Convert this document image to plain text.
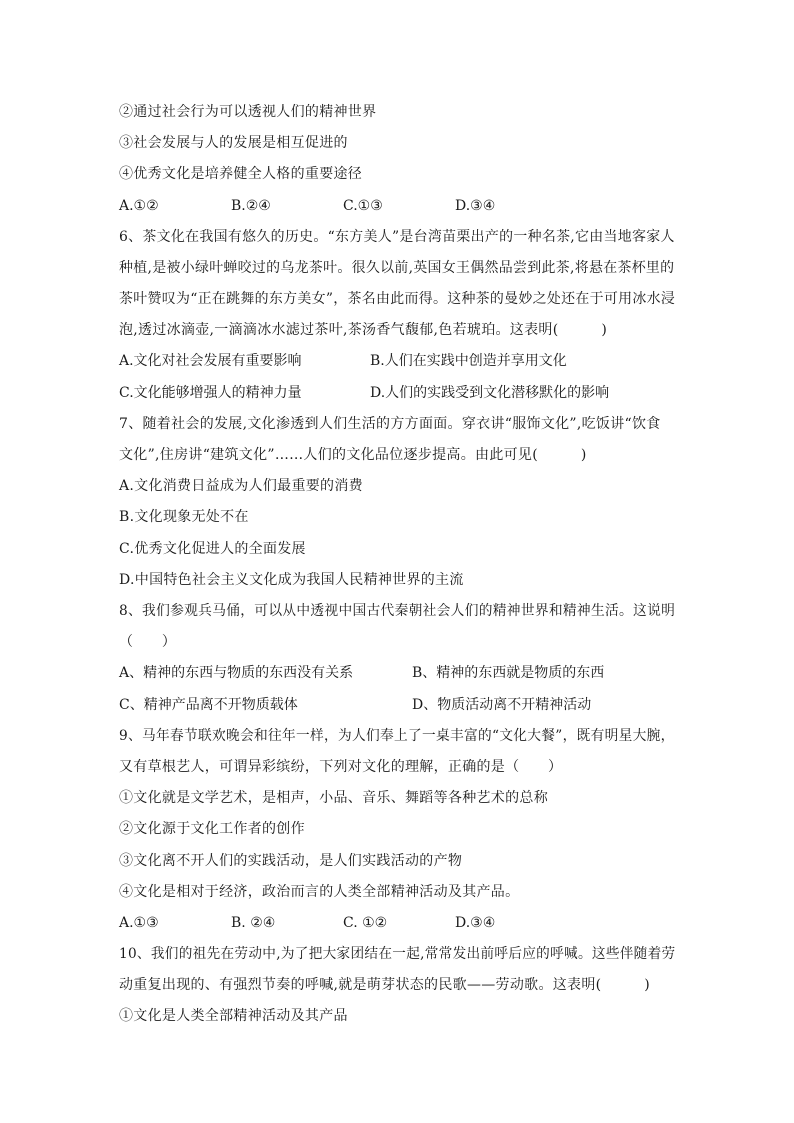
②通过社会行为可以透视人们的精神世界
③社会发展与人的发展是相互促进的
④优秀文化是培养健全人格的重要途径
A.①②	B.②④	C.①③	D.③④
6、茶文化在我国有悠久的历史。“东方美人”是台湾苗栗出产的一种名茶,它由当地客家人
种植,是被小绿叶蝉咬过的乌龙茶叶。很久以前,英国女王偶然品尝到此茶,将悬在茶杯里的
茶叶赞叹为“正在跳舞的东方美女”，茶名由此而得。这种茶的曼妙之处还在于可用冰水浸
泡,透过冰滴壶,一滴滴冰水滤过茶叶,茶汤香气馥郁,色若琥珀。这表明(　　　)
A.文化对社会发展有重要影响	B.人们在实践中创造并享用文化
C.文化能够增强人的精神力量	D.人们的实践受到文化潜移默化的影响
7、随着社会的发展,文化渗透到人们生活的方方面面。穿衣讲“服饰文化”,吃饭讲“饮食
文化”,住房讲“建筑文化”……人们的文化品位逐步提高。由此可见(　　　)
A.文化消费日益成为人们最重要的消费
B.文化现象无处不在
C.优秀文化促进人的全面发展
D.中国特色社会主义文化成为我国人民精神世界的主流
8、我们参观兵马俑，可以从中透视中国古代秦朝社会人们的精神世界和精神生活。这说明
（　　）
A、精神的东西与物质的东西没有关系	B、精神的东西就是物质的东西
C、精神产品离不开物质载体	D、物质活动离不开精神活动
9、马年春节联欢晚会和往年一样，为人们奉上了一桌丰富的“文化大餐”，既有明星大腕，
又有草根艺人，可谓异彩缤纷，下列对文化的理解，正确的是（　　）
①文化就是文学艺术，是相声，小品、音乐、舞蹈等各种艺术的总称
②文化源于文化工作者的创作
③文化离不开人们的实践活动，是人们实践活动的产物
④文化是相对于经济，政治而言的人类全部精神活动及其产品。
A.①③	B. ②④	C. ①②	D.③④
10、我们的祖先在劳动中,为了把大家团结在一起,常常发出前呼后应的呼喊。这些伴随着劳
动重复出现的、有强烈节奏的呼喊,就是萌芽状态的民歌——劳动歌。这表明(　　　)
①文化是人类全部精神活动及其产品
